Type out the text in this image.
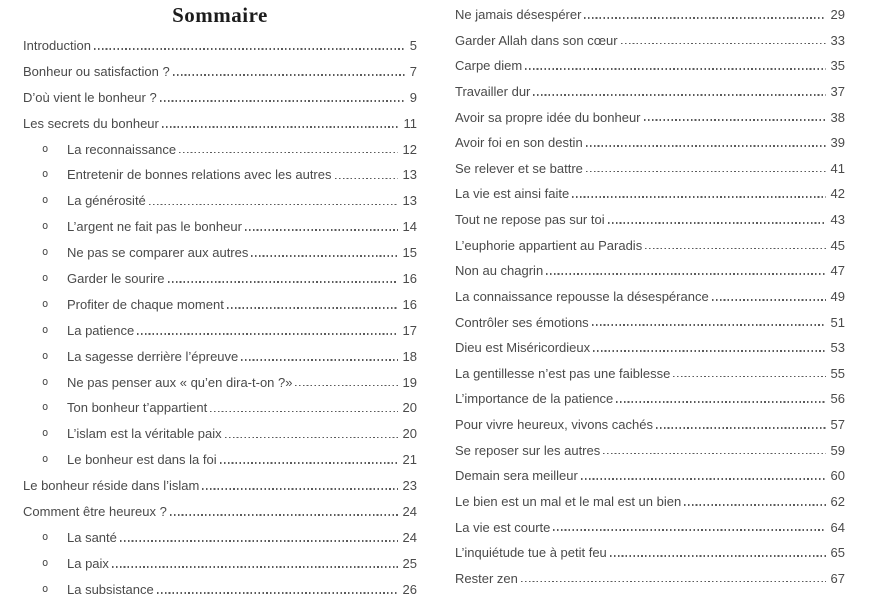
Sommaire
Introduction	5
Bonheur ou satisfaction ?	7
D’où vient le bonheur ?	9
Les secrets du bonheur	11
o	La reconnaissance	12
o	Entretenir de bonnes relations avec les autres	13
o	La générosité	13
o	L’argent ne fait pas le bonheur	14
o	Ne pas se comparer aux autres	15
o	Garder le sourire	16
o	Profiter de chaque moment	16
o	La patience	17
o	La sagesse derrière l’épreuve	18
o	Ne pas penser aux « qu’en dira-t-on ?»	19
o	Ton bonheur t’appartient	20
o	L’islam est la véritable paix	20
o	Le bonheur est dans la foi	21
Le bonheur réside dans l’islam	23
Comment être heureux ?	24
o	La santé	24
o	La paix	25
o	La subsistance	26
Ne jamais désespérer	29
Garder Allah dans son cœur	33
Carpe diem	35
Travailler dur	37
Avoir sa propre idée du bonheur	38
Avoir foi en son destin	39
Se relever et se battre	41
La vie est ainsi faite	42
Tout ne repose pas sur toi	43
L’euphorie appartient au Paradis	45
Non au chagrin	47
La connaissance repousse la désespérance	49
Contrôler ses émotions	51
Dieu est Miséricordieux	53
La gentillesse n’est pas une faiblesse	55
L’importance de la patience	56
Pour vivre heureux, vivons cachés	57
Se reposer sur les autres	59
Demain sera meilleur	60
Le bien est un mal et le mal est un bien	62
La vie est courte	64
L’inquiétude tue à petit feu	65
Rester zen	67
